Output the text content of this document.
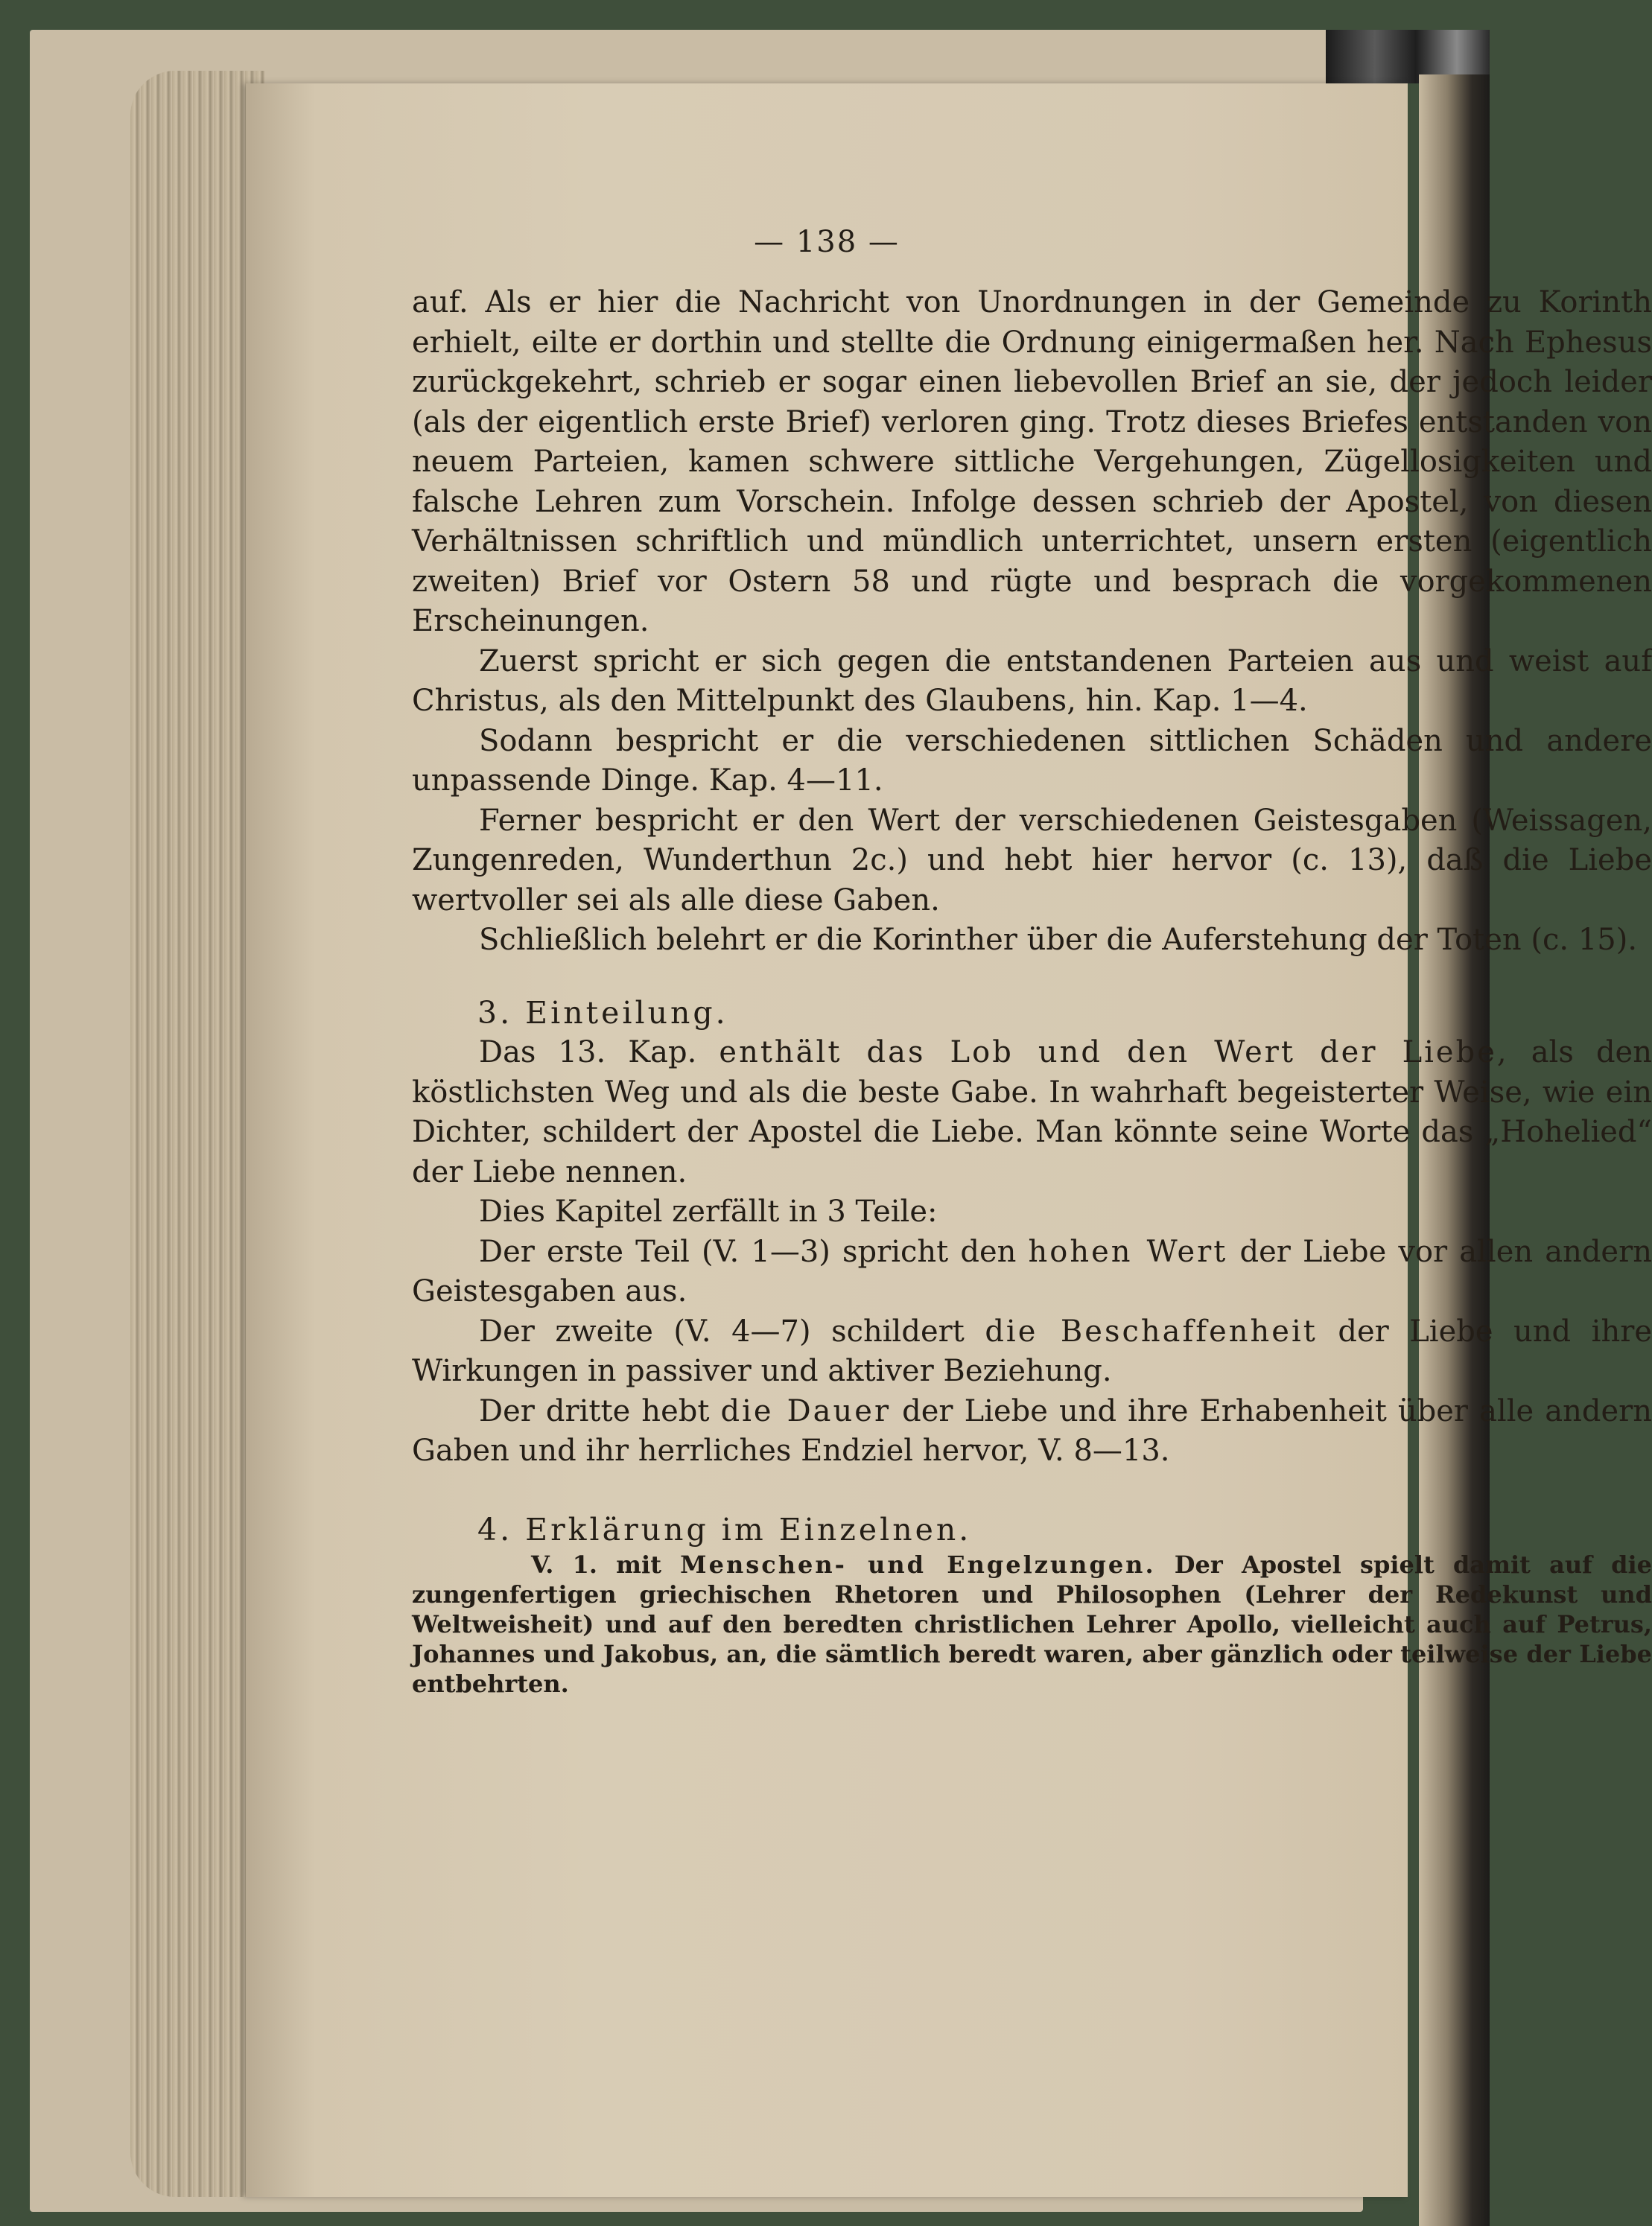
— 138 —

auf. Als er hier die Nachricht von Unordnungen in der Gemeinde zu Korinth erhielt, eilte er dorthin und stellte die Ordnung einigermaßen her. Nach Ephesus zurückgekehrt, schrieb er sogar einen liebevollen Brief an sie, der jedoch leider (als der eigentlich erste Brief) verloren ging. Trotz dieses Briefes entstanden von neuem Parteien, kamen schwere sittliche Vergehungen, Zügellosigkeiten und falsche Lehren zum Vorschein. Infolge dessen schrieb der Apostel, von diesen Verhältnissen schriftlich und mündlich unterrichtet, unsern ersten (eigentlich zweiten) Brief vor Ostern 58 und rügte und besprach die vorgekommenen Erscheinungen.

Zuerst spricht er sich gegen die entstandenen Parteien aus und weist auf Christus, als den Mittelpunkt des Glaubens, hin. Kap. 1—4.

Sodann bespricht er die verschiedenen sittlichen Schäden und andere unpassende Dinge. Kap. 4—11.

Ferner bespricht er den Wert der verschiedenen Geistesgaben (Weissagen, Zungenreden, Wunderthun 2c.) und hebt hier hervor (c. 13), daß die Liebe wertvoller sei als alle diese Gaben.

Schließlich belehrt er die Korinther über die Auferstehung der Toten (c. 15).

3. Einteilung.

Das 13. Kap. enthält das Lob und den Wert der Liebe, als den köstlichsten Weg und als die beste Gabe. In wahrhaft begeisterter Weise, wie ein Dichter, schildert der Apostel die Liebe. Man könnte seine Worte das „Hohelied“ der Liebe nennen.

Dies Kapitel zerfällt in 3 Teile:

Der erste Teil (V. 1—3) spricht den hohen Wert der Liebe vor allen andern Geistesgaben aus.

Der zweite (V. 4—7) schildert die Beschaffenheit der Liebe und ihre Wirkungen in passiver und aktiver Beziehung.

Der dritte hebt die Dauer der Liebe und ihre Erhabenheit über alle andern Gaben und ihr herrliches Endziel hervor, V. 8—13.

4. Erklärung im Einzelnen.

V. 1. mit Menschen- und Engelzungen. Der Apostel spielt damit auf die zungenfertigen griechischen Rhetoren und Philosophen (Lehrer der Redekunst und Weltweisheit) und auf den beredten christlichen Lehrer Apollo, vielleicht auch auf Petrus, Johannes und Jakobus, an, die sämtlich beredt waren, aber gänzlich oder teilweise der Liebe entbehrten.
